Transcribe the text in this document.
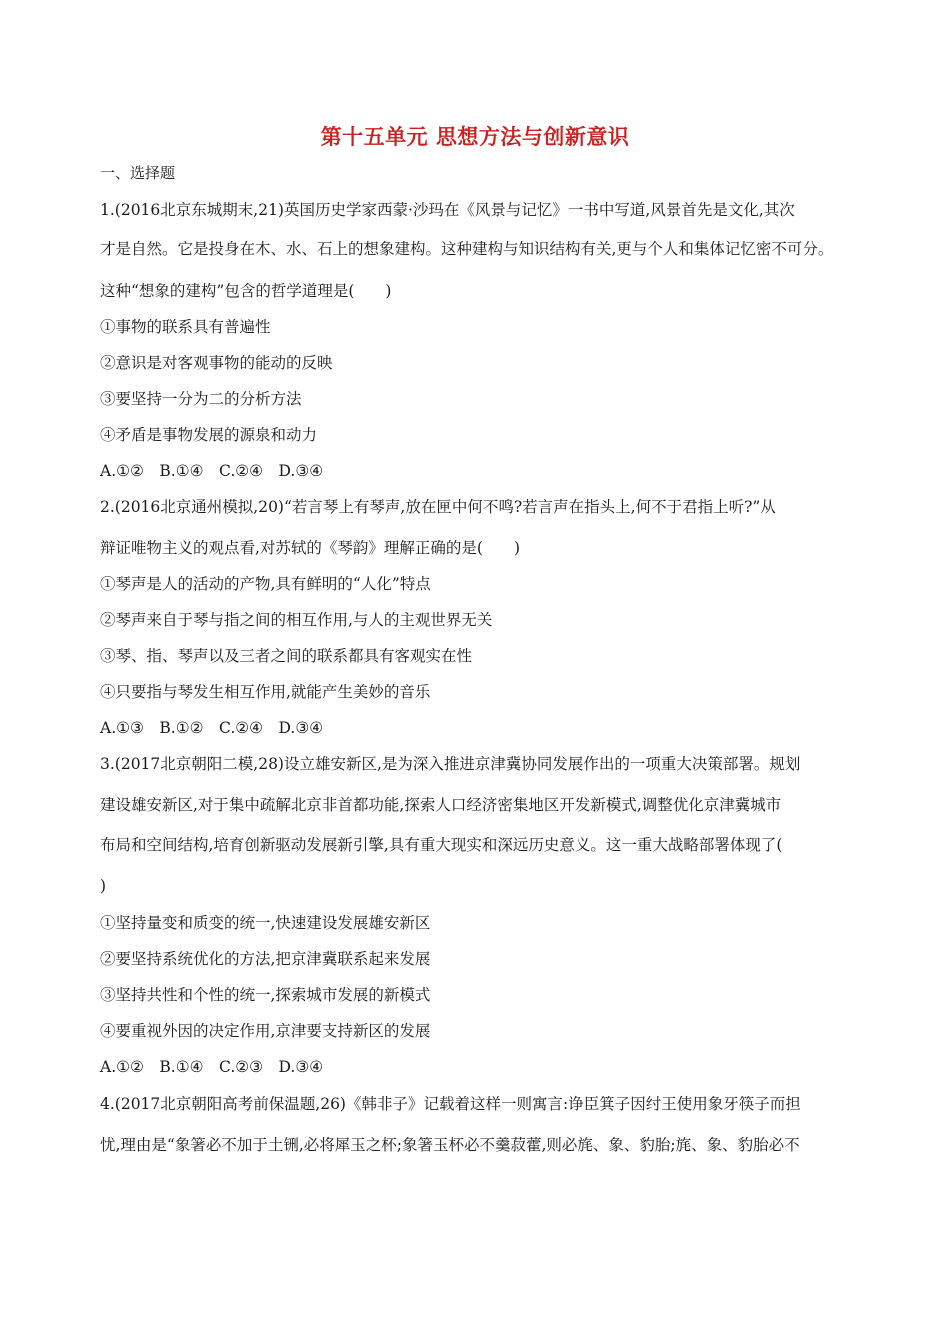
第十五单元 思想方法与创新意识
一、选择题
1.(2016北京东城期末,21)英国历史学家西蒙·沙玛在《风景与记忆》一书中写道,风景首先是文化,其次
才是自然。它是投身在木、水、石上的想象建构。这种建构与知识结构有关,更与个人和集体记忆密不可分。
这种“想象的建构”包含的哲学道理是(　　)
①事物的联系具有普遍性
②意识是对客观事物的能动的反映
③要坚持一分为二的分析方法
④矛盾是事物发展的源泉和动力
A.①②　B.①④　C.②④　D.③④
2.(2016北京通州模拟,20)“若言琴上有琴声,放在匣中何不鸣?若言声在指头上,何不于君指上听?”从
辩证唯物主义的观点看,对苏轼的《琴韵》理解正确的是(　　)
①琴声是人的活动的产物,具有鲜明的“人化”特点
②琴声来自于琴与指之间的相互作用,与人的主观世界无关
③琴、指、琴声以及三者之间的联系都具有客观实在性
④只要指与琴发生相互作用,就能产生美妙的音乐
A.①③　B.①②　C.②④　D.③④
3.(2017北京朝阳二模,28)设立雄安新区,是为深入推进京津冀协同发展作出的一项重大决策部署。规划
建设雄安新区,对于集中疏解北京非首都功能,探索人口经济密集地区开发新模式,调整优化京津冀城市
布局和空间结构,培育创新驱动发展新引擎,具有重大现实和深远历史意义。这一重大战略部署体现了(
)
①坚持量变和质变的统一,快速建设发展雄安新区
②要坚持系统优化的方法,把京津冀联系起来发展
③坚持共性和个性的统一,探索城市发展的新模式
④要重视外因的决定作用,京津要支持新区的发展
A.①②　B.①④　C.②③　D.③④
4.(2017北京朝阳高考前保温题,26)《韩非子》记载着这样一则寓言:诤臣箕子因纣王使用象牙筷子而担
忧,理由是“象箸必不加于土铏,必将犀玉之杯;象箸玉杯必不羹菽藿,则必旄、象、豹胎;旄、象、豹胎必不
